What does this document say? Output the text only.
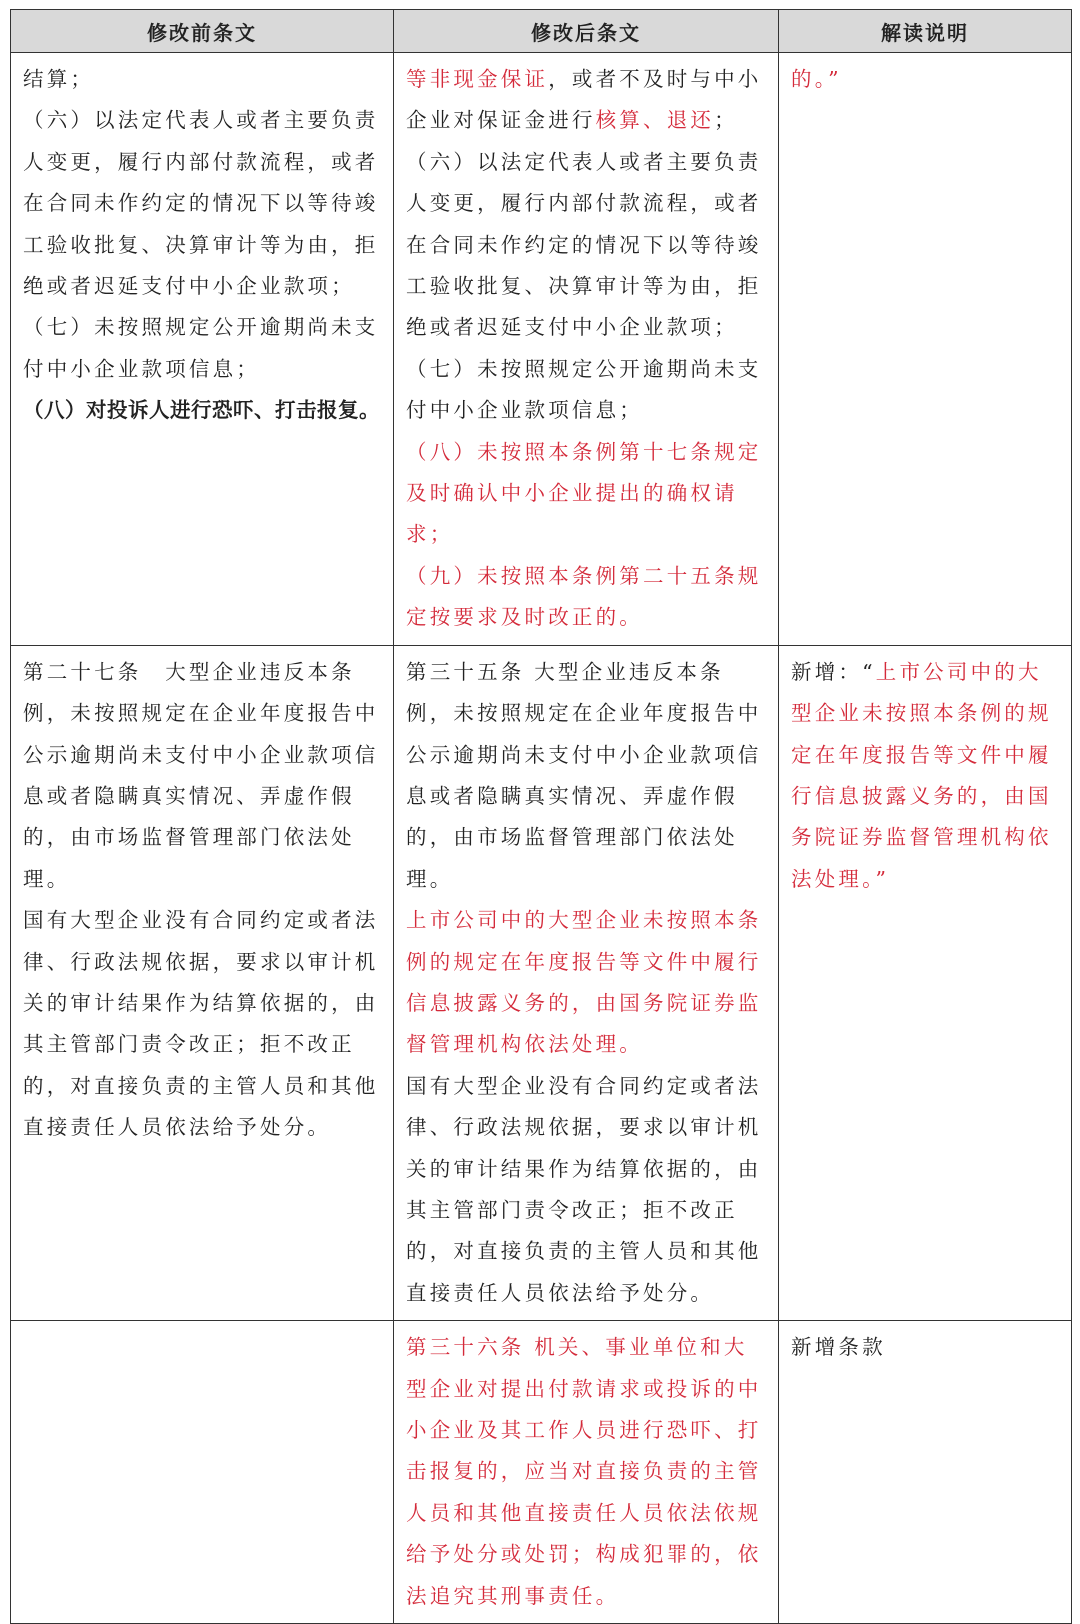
修改前条文	修改后条文	解读说明

结算；
（六）以法定代表人或者主要负责人变更，履行内部付款流程，或者在合同未作约定的情况下以等待竣工验收批复、决算审计等为由，拒绝或者迟延支付中小企业款项；
（七）未按照规定公开逾期尚未支付中小企业款项信息；
（八）对投诉人进行恐吓、打击报复。	等非现金保证，或者不及时与中小企业对保证金进行核算、退还；
（六）以法定代表人或者主要负责人变更，履行内部付款流程，或者在合同未作约定的情况下以等待竣工验收批复、决算审计等为由，拒绝或者迟延支付中小企业款项；
（七）未按照规定公开逾期尚未支付中小企业款项信息；
（八）未按照本条例第十七条规定及时确认中小企业提出的确权请求；
（九）未按照本条例第二十五条规定按要求及时改正的。	的。”

第二十七条　大型企业违反本条例，未按照规定在企业年度报告中公示逾期尚未支付中小企业款项信息或者隐瞒真实情况、弄虚作假的，由市场监督管理部门依法处理。
国有大型企业没有合同约定或者法律、行政法规依据，要求以审计机关的审计结果作为结算依据的，由其主管部门责令改正；拒不改正的，对直接负责的主管人员和其他直接责任人员依法给予处分。	第三十五条 大型企业违反本条例，未按照规定在企业年度报告中公示逾期尚未支付中小企业款项信息或者隐瞒真实情况、弄虚作假的，由市场监督管理部门依法处理。
上市公司中的大型企业未按照本条例的规定在年度报告等文件中履行信息披露义务的，由国务院证券监督管理机构依法处理。
国有大型企业没有合同约定或者法律、行政法规依据，要求以审计机关的审计结果作为结算依据的，由其主管部门责令改正；拒不改正的，对直接负责的主管人员和其他直接责任人员依法给予处分。	新增：“上市公司中的大型企业未按照本条例的规定在年度报告等文件中履行信息披露义务的，由国务院证券监督管理机构依法处理。”

	第三十六条 机关、事业单位和大型企业对提出付款请求或投诉的中小企业及其工作人员进行恐吓、打击报复的，应当对直接负责的主管人员和其他直接责任人员依法依规给予处分或处罚；构成犯罪的，依法追究其刑事责任。	新增条款
